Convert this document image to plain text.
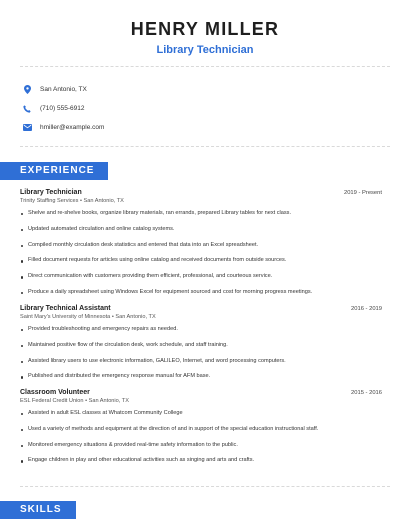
HENRY MILLER
Library Technician
San Antonio, TX
(710) 555-6912
hmiller@example.com
EXPERIENCE
Library Technician	2019 - Present
Trinity Staffing Services • San Antonio, TX
Shelve and re-shelve books, organize library materials, ran errands, prepared Library tables for next class.
Updated automated circulation and online catalog systems.
Compiled monthly circulation desk statistics and entered that data into an Excel spreadsheet.
Filled document requests for articles using online catalog and received documents from outside sources.
Direct communication with customers providing them efficient, professional, and courteous service.
Produce a daily spreadsheet using Windows Excel for equipment sourced and cost for morning progress meetings.
Library Technical Assistant	2016 - 2019
Saint Mary's University of Minnesota • San Antonio, TX
Provided troubleshooting and emergency repairs as needed.
Maintained positive flow of the circulation desk, work schedule, and staff training.
Assisted library users to use electronic information, GALILEO, Internet, and word processing computers.
Published and distributed the emergency response manual for AFM base.
Classroom Volunteer	2015 - 2016
ESL Federal Credit Union • San Antonio, TX
Assisted in adult ESL classes at Whatcom Community College
Used a variety of methods and equipment at the direction of and in support of the special education instructional staff.
Monitored emergency situations & provided real-time safety information to the public.
Engage children in play and other educational activities such as singing and arts and crafts.
SKILLS
